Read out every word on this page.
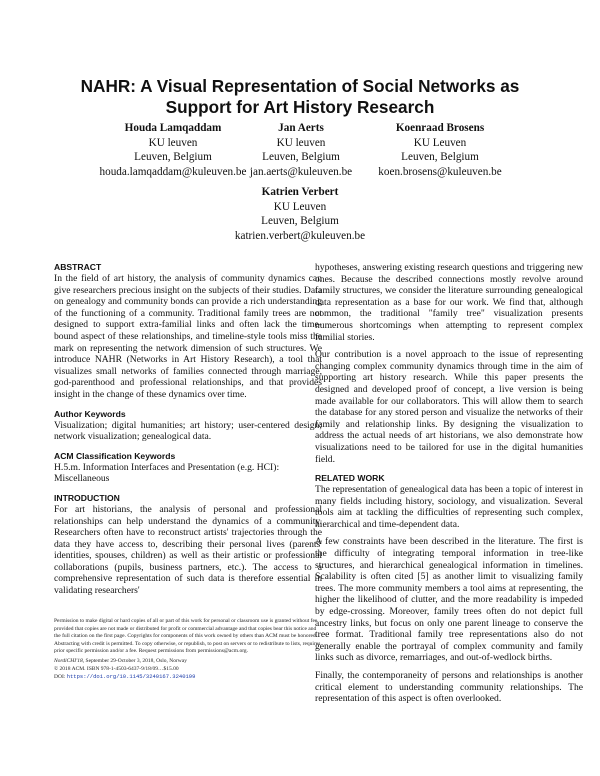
NAHR: A Visual Representation of Social Networks as
Support for Art History Research
Houda Lamqaddam
KU leuven
Leuven, Belgium
houda.lamqaddam@kuleuven.be
Jan Aerts
KU leuven
Leuven, Belgium
jan.aerts@kuleuven.be
Koenraad Brosens
KU Leuven
Leuven, Belgium
koen.brosens@kuleuven.be
Katrien Verbert
KU Leuven
Leuven, Belgium
katrien.verbert@kuleuven.be
ABSTRACT

In the field of art history, the analysis of community dynamics can give researchers precious insight on the subjects of their studies. Data on genealogy and community bonds can provide a rich understanding of the functioning of a community. Traditional family trees are not designed to support extra-familial links and often lack the time-bound aspect of these relationships, and timeline-style tools miss the mark on representing the network dimension of such structures. We introduce NAHR (Networks in Art History Research), a tool that visualizes small networks of families connected through marriage, god-parenthood and professional relationships, and that provides insight in the change of these dynamics over time.

Author Keywords

Visualization; digital humanities; art history; user-centered design; network visualization; genealogical data.

ACM Classification Keywords

H.5.m. Information Interfaces and Presentation (e.g. HCI): Miscellaneous

INTRODUCTION

For art historians, the analysis of personal and professional relationships can help understand the dynamics of a community. Researchers often have to reconstruct artists' trajectories through the data they have access to, describing their personal lives (parents' identities, spouses, children) as well as their artistic or professional collaborations (pupils, business partners, etc.). The access to a comprehensive representation of such data is therefore essential in validating researchers'

Permission to make digital or hard copies of all or part of this work for personal or classroom use is granted without fee provided that copies are not made or distributed for profit or commercial advantage and that copies bear this notice and the full citation on the first page. Copyrights for components of this work owned by others than ACM must be honored. Abstracting with credit is permitted. To copy otherwise, or republish, to post on servers or to redistribute to lists, requires prior specific permission and/or a fee. Request permissions from permissions@acm.org.

NordiCHI'18, September 29-October 3, 2018, Oslo, Norway

© 2018 ACM. ISBN 978-1-4503-6437-9/18/09…$15.00

DOI: https://doi.org/10.1145/3240167.3240199

hypotheses, answering existing research questions and triggering new ones. Because the described connections mostly revolve around family structures, we consider the literature surrounding genealogical data representation as a base for our work. We find that, although common, the traditional "family tree" visualization presents numerous shortcomings when attempting to represent complex familial stories.

Our contribution is a novel approach to the issue of representing changing complex community dynamics through time in the aim of supporting art history research. While this paper presents the designed and developed proof of concept, a live version is being made available for our collaborators. This will allow them to search the database for any stored person and visualize the networks of their family and relationship links. By designing the visualization to address the actual needs of art historians, we also demonstrate how visualizations need to be tailored for use in the digital humanities field.

RELATED WORK

The representation of genealogical data has been a topic of interest in many fields including history, sociology, and visualization. Several tools aim at tackling the difficulties of representing such complex, hierarchical and time-dependent data.

A few constraints have been described in the literature. The first is the difficulty of integrating temporal information in tree-like structures, and hierarchical genealogical information in timelines. Scalability is often cited [5] as another limit to visualizing family trees. The more community members a tool aims at representing, the higher the likelihood of clutter, and the more readability is impeded by edge-crossing. Moreover, family trees often do not depict full ancestry links, but focus on only one parent lineage to conserve the tree format. Traditional family tree representations also do not generally enable the portrayal of complex community and family links such as divorce, remarriages, and out-of-wedlock births.

Finally, the contemporaneity of persons and relationships is another critical element to understanding community relationships. The representation of this aspect is often overlooked.
